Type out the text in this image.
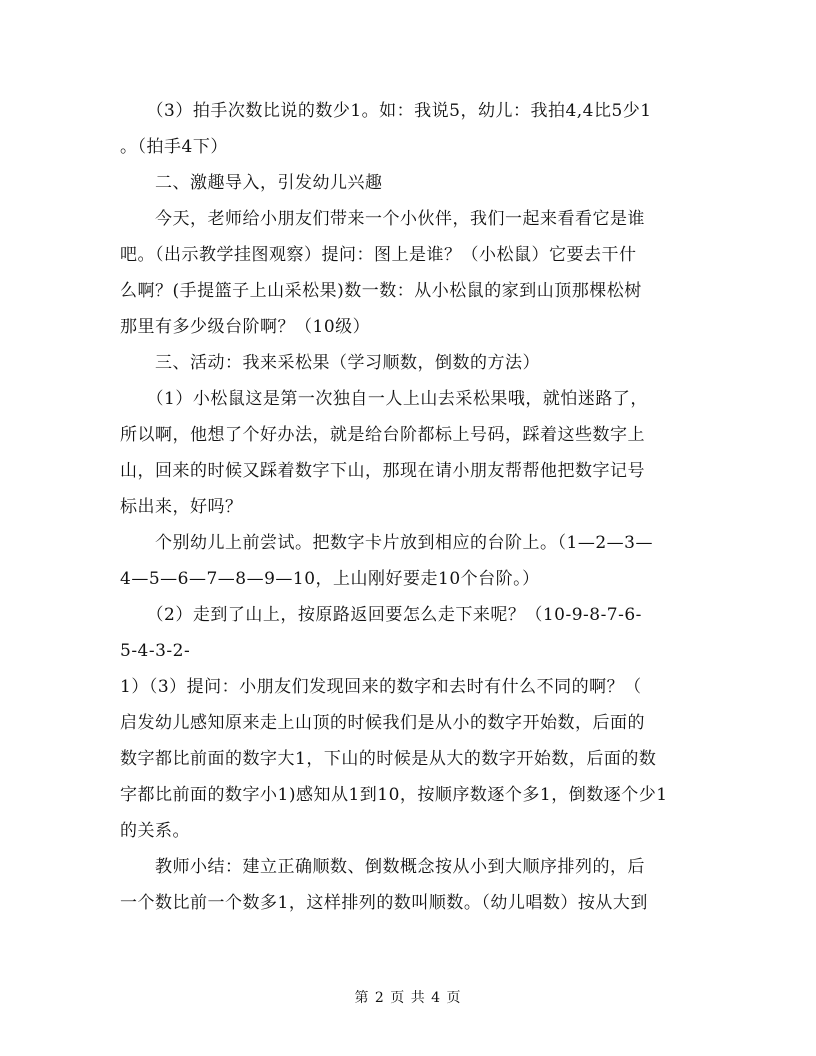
　　（3）拍手次数比说的数少1。如：我说5，幼儿：我拍4,4比5少1
。（拍手4下）
　　二、激趣导入，引发幼儿兴趣
　　今天，老师给小朋友们带来一个小伙伴，我们一起来看看它是谁
吧。（出示教学挂图观察）提问：图上是谁？（小松鼠）它要去干什
么啊？(手提篮子上山采松果)数一数：从小松鼠的家到山顶那棵松树
那里有多少级台阶啊？（10级）
　　三、活动：我来采松果（学习顺数，倒数的方法）
　　（1）小松鼠这是第一次独自一人上山去采松果哦，就怕迷路了，
所以啊，他想了个好办法，就是给台阶都标上号码，踩着这些数字上
山，回来的时候又踩着数字下山，那现在请小朋友帮帮他把数字记号
标出来，好吗？
　　个别幼儿上前尝试。把数字卡片放到相应的台阶上。（1—2—3—
4—5—6—7—8—9—10，上山刚好要走10个台阶。）
　　（2）走到了山上，按原路返回要怎么走下来呢？（10-9-8-7-6-
5-4-3-2-
1）（3）提问：小朋友们发现回来的数字和去时有什么不同的啊？（
启发幼儿感知原来走上山顶的时候我们是从小的数字开始数，后面的
数字都比前面的数字大1，下山的时候是从大的数字开始数，后面的数
字都比前面的数字小1)感知从1到10，按顺序数逐个多1，倒数逐个少1
的关系。
　　教师小结：建立正确顺数、倒数概念按从小到大顺序排列的，后
一个数比前一个数多1，这样排列的数叫顺数。（幼儿唱数）按从大到
第 2 页 共 4 页
